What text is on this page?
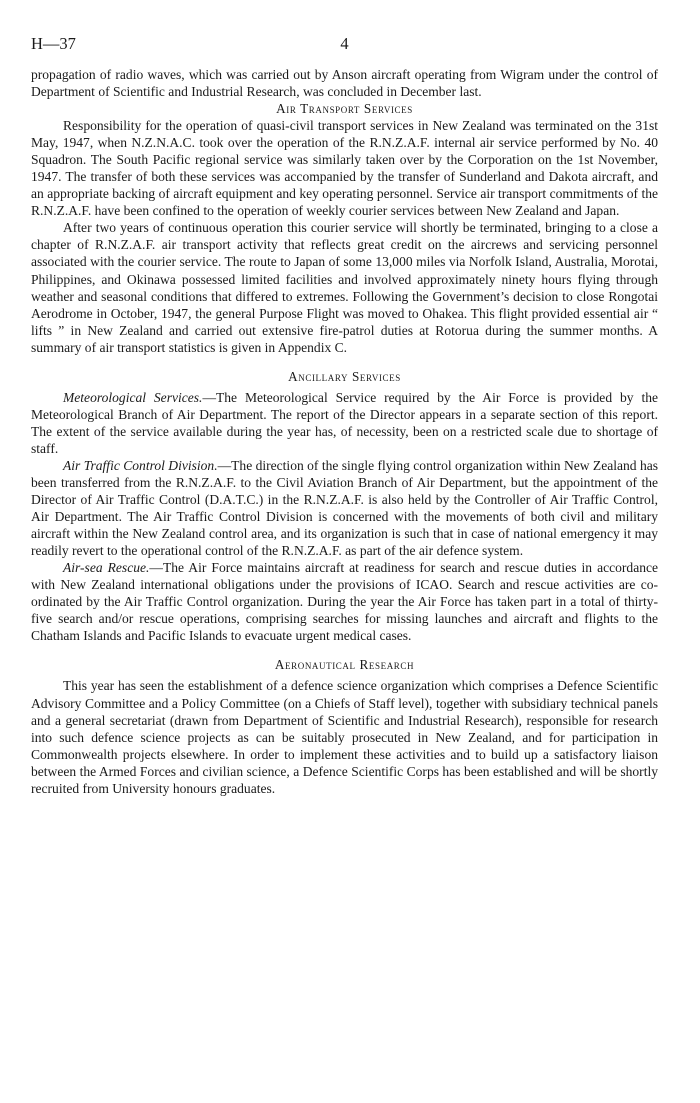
H—37	4

propagation of radio waves, which was carried out by Anson aircraft operating from Wigram under the control of Department of Scientific and Industrial Research, was concluded in December last.

Air Transport Services

Responsibility for the operation of quasi-civil transport services in New Zealand was terminated on the 31st May, 1947, when N.Z.N.A.C. took over the operation of the R.N.Z.A.F. internal air service performed by No. 40 Squadron. The South Pacific regional service was similarly taken over by the Corporation on the 1st November, 1947. The transfer of both these services was accompanied by the transfer of Sunderland and Dakota aircraft, and an appropriate backing of aircraft equipment and key operating personnel. Service air transport commitments of the R.N.Z.A.F. have been confined to the operation of weekly courier services between New Zealand and Japan.

After two years of continuous operation this courier service will shortly be terminated, bringing to a close a chapter of R.N.Z.A.F. air transport activity that reflects great credit on the aircrews and servicing personnel associated with the courier service. The route to Japan of some 13,000 miles via Norfolk Island, Australia, Morotai, Philippines, and Okinawa possessed limited facilities and involved approximately ninety hours flying through weather and seasonal conditions that differed to extremes. Following the Government’s decision to close Rongotai Aerodrome in October, 1947, the general Purpose Flight was moved to Ohakea. This flight provided essential air “ lifts ” in New Zealand and carried out extensive fire-patrol duties at Rotorua during the summer months. A summary of air transport statistics is given in Appendix C.

Ancillary Services

Meteorological Services.—The Meteorological Service required by the Air Force is provided by the Meteorological Branch of Air Department. The report of the Director appears in a separate section of this report. The extent of the service available during the year has, of necessity, been on a restricted scale due to shortage of staff.

Air Traffic Control Division.—The direction of the single flying control organization within New Zealand has been transferred from the R.N.Z.A.F. to the Civil Aviation Branch of Air Department, but the appointment of the Director of Air Traffic Control (D.A.T.C.) in the R.N.Z.A.F. is also held by the Controller of Air Traffic Control, Air Department. The Air Traffic Control Division is concerned with the movements of both civil and military aircraft within the New Zealand control area, and its organization is such that in case of national emergency it may readily revert to the operational control of the R.N.Z.A.F. as part of the air defence system.

Air-sea Rescue.—The Air Force maintains aircraft at readiness for search and rescue duties in accordance with New Zealand international obligations under the provisions of ICAO. Search and rescue activities are co-ordinated by the Air Traffic Control organization. During the year the Air Force has taken part in a total of thirty-five search and/or rescue operations, comprising searches for missing launches and aircraft and flights to the Chatham Islands and Pacific Islands to evacuate urgent medical cases.

Aeronautical Research

This year has seen the establishment of a defence science organization which comprises a Defence Scientific Advisory Committee and a Policy Committee (on a Chiefs of Staff level), together with subsidiary technical panels and a general secretariat (drawn from Department of Scientific and Industrial Research), responsible for research into such defence science projects as can be suitably prosecuted in New Zealand, and for participation in Commonwealth projects elsewhere. In order to implement these activities and to build up a satisfactory liaison between the Armed Forces and civilian science, a Defence Scientific Corps has been established and will be shortly recruited from University honours graduates.
